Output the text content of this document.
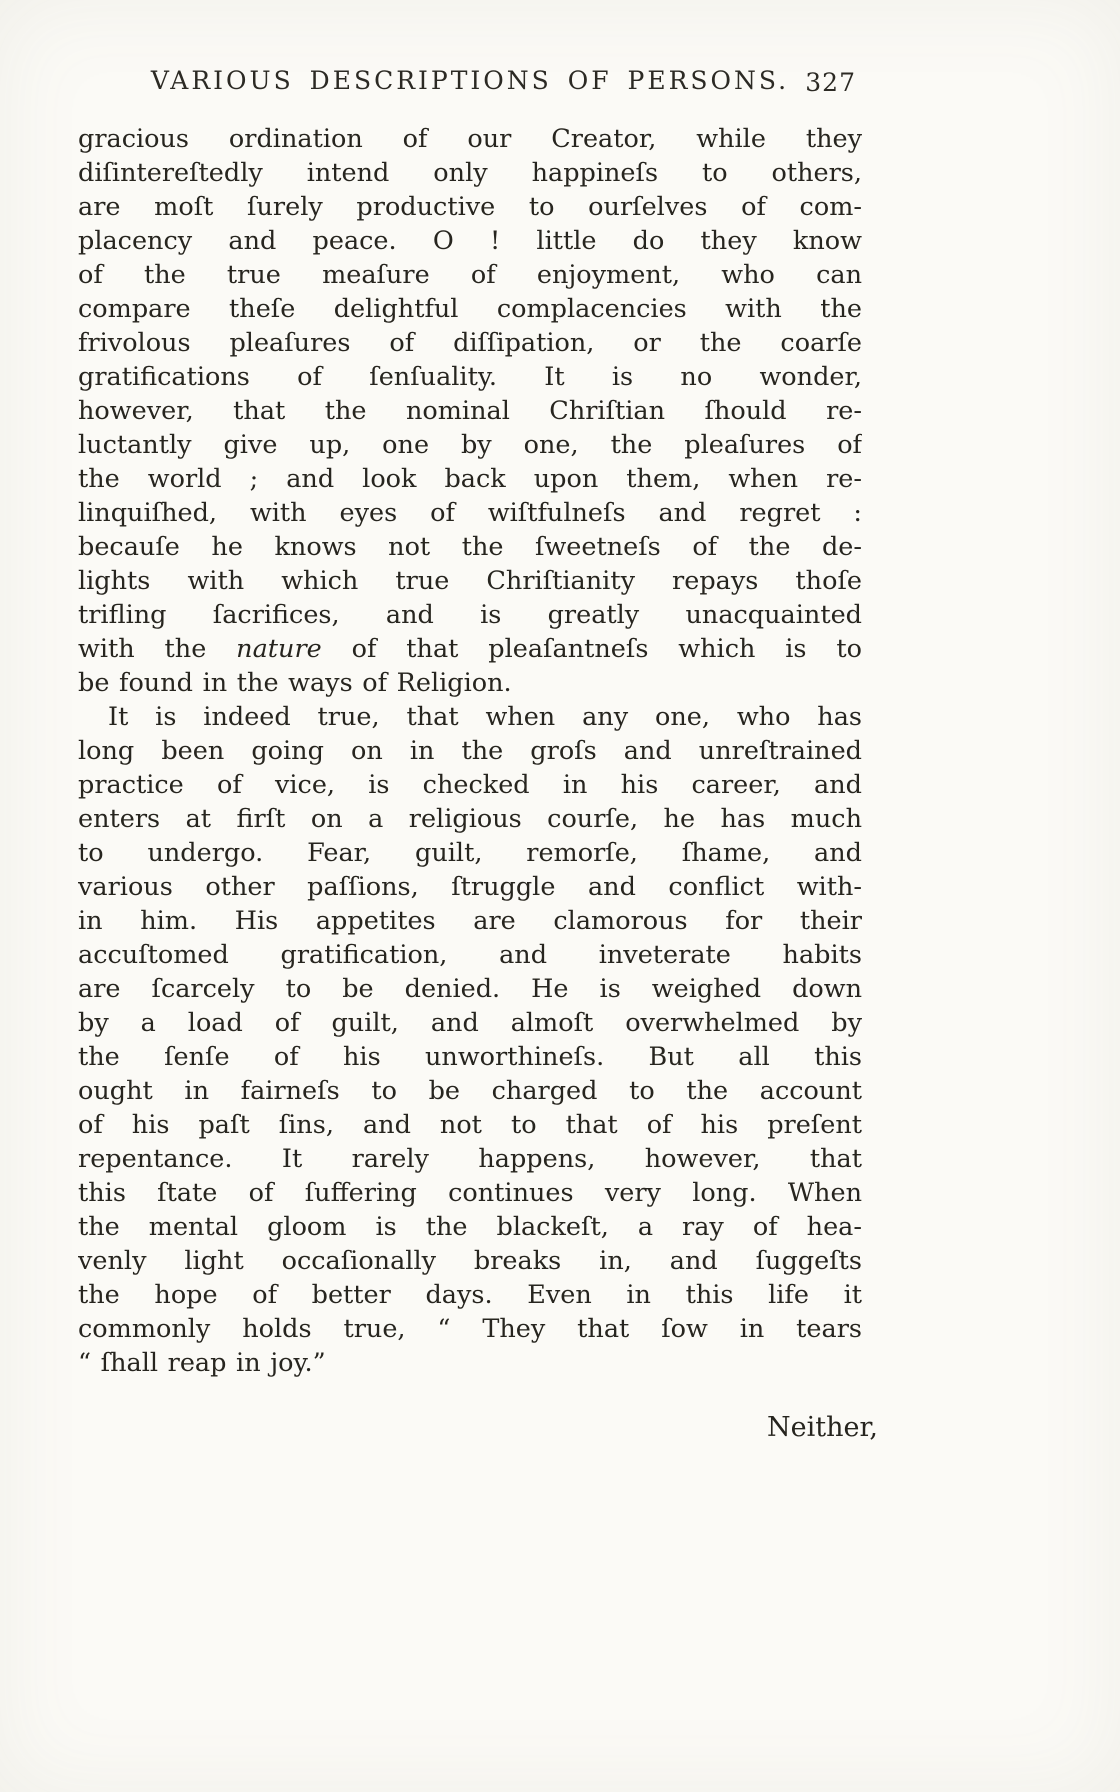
VARIOUS DESCRIPTIONS OF PERSONS. 327
gracious ordination of our Creator, while they
diſintereſtedly intend only happineſs to others,
are moſt ſurely productive to ourſelves of com-
placency and peace. O ! little do they know
of the true meaſure of enjoyment, who can
compare theſe delightful complacencies with the
frivolous pleaſures of diſſipation, or the coarſe
gratifications of ſenſuality. It is no wonder,
however, that the nominal Chriſtian ſhould re-
luctantly give up, one by one, the pleaſures of
the world ; and look back upon them, when re-
linquiſhed, with eyes of wiſtfulneſs and regret :
becauſe he knows not the ſweetneſs of the de-
lights with which true Chriſtianity repays thoſe
trifling ſacrifices, and is greatly unacquainted
with the nature of that pleaſantneſs which is to
be found in the ways of Religion.
It is indeed true, that when any one, who has
long been going on in the groſs and unreſtrained
practice of vice, is checked in his career, and
enters at firſt on a religious courſe, he has much
to undergo. Fear, guilt, remorſe, ſhame, and
various other paſſions, ſtruggle and conflict with-
in him. His appetites are clamorous for their
accuſtomed gratification, and inveterate habits
are ſcarcely to be denied. He is weighed down
by a load of guilt, and almoſt overwhelmed by
the ſenſe of his unworthineſs. But all this
ought in fairneſs to be charged to the account
of his paſt ſins, and not to that of his preſent
repentance. It rarely happens, however, that
this ſtate of ſuffering continues very long. When
the mental gloom is the blackeſt, a ray of hea-
venly light occaſionally breaks in, and ſuggeſts
the hope of better days. Even in this life it
commonly holds true, “ They that ſow in tears
“ ſhall reap in joy.”
Neither,
